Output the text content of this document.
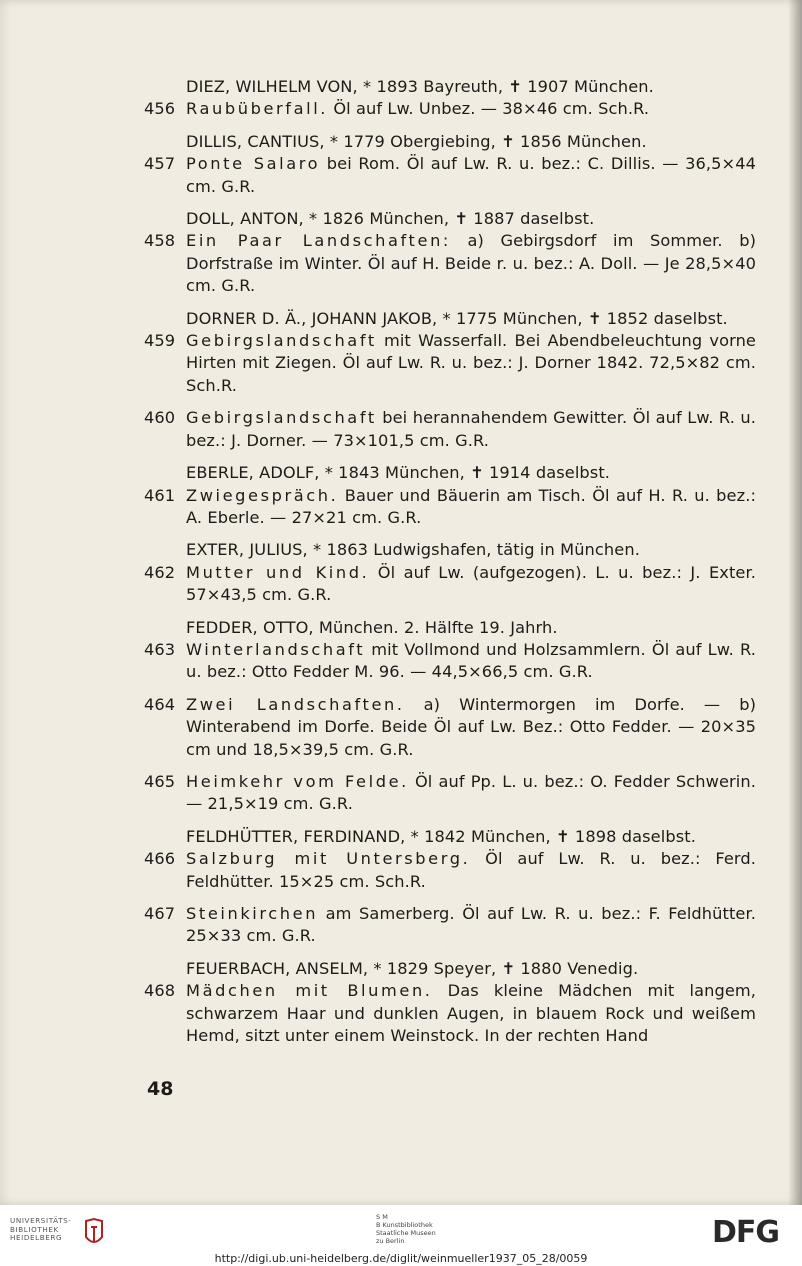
DIEZ, WILHELM VON, * 1893 Bayreuth, ✝ 1907 München.
456 Raubüberfall. Öl auf Lw. Unbez. — 38×46 cm. Sch.R.
DILLIS, CANTIUS, * 1779 Obergiebing, ✝ 1856 München.
457 Ponte Salaro bei Rom. Öl auf Lw. R. u. bez.: C. Dillis. — 36,5×44 cm. G.R.
DOLL, ANTON, * 1826 München, ✝ 1887 daselbst.
458 Ein Paar Landschaften: a) Gebirgsdorf im Sommer. b) Dorfstraße im Winter. Öl auf H. Beide r. u. bez.: A. Doll. — Je 28,5×40 cm. G.R.
DORNER D. Ä., JOHANN JAKOB, * 1775 München, ✝ 1852 daselbst.
459 Gebirgslandschaft mit Wasserfall. Bei Abendbeleuchtung vorne Hirten mit Ziegen. Öl auf Lw. R. u. bez.: J. Dorner 1842. 72,5×82 cm. Sch.R.
460 Gebirgslandschaft bei herannahendem Gewitter. Öl auf Lw. R. u. bez.: J. Dorner. — 73×101,5 cm. G.R.
EBERLE, ADOLF, * 1843 München, ✝ 1914 daselbst.
461 Zwiegespräch. Bauer und Bäuerin am Tisch. Öl auf H. R. u. bez.: A. Eberle. — 27×21 cm. G.R.
EXTER, JULIUS, * 1863 Ludwigshafen, tätig in München.
462 Mutter und Kind. Öl auf Lw. (aufgezogen). L. u. bez.: J. Exter. 57×43,5 cm. G.R.
FEDDER, OTTO, München. 2. Hälfte 19. Jahrh.
463 Winterlandschaft mit Vollmond und Holzsammlern. Öl auf Lw. R. u. bez.: Otto Fedder M. 96. — 44,5×66,5 cm. G.R.
464 Zwei Landschaften. a) Wintermorgen im Dorfe. — b) Winterabend im Dorfe. Beide Öl auf Lw. Bez.: Otto Fedder. — 20×35 cm und 18,5×39,5 cm. G.R.
465 Heimkehr vom Felde. Öl auf Pp. L. u. bez.: O. Fedder Schwerin. — 21,5×19 cm. G.R.
FELDHÜTTER, FERDINAND, * 1842 München, ✝ 1898 daselbst.
466 Salzburg mit Untersberg. Öl auf Lw. R. u. bez.: Ferd. Feldhütter. 15×25 cm. Sch.R.
467 Steinkirchen am Samerberg. Öl auf Lw. R. u. bez.: F. Feldhütter. 25×33 cm. G.R.
FEUERBACH, ANSELM, * 1829 Speyer, ✝ 1880 Venedig.
468 Mädchen mit Blumen. Das kleine Mädchen mit langem, schwarzem Haar und dunklen Augen, in blauem Rock und weißem Hemd, sitzt unter einem Weinstock. In der rechten Hand
48
UNIVERSITÄTS-
BIBLIOTHEK
HEIDELBERG
S M
B Kunstbibliothek
Staatliche Museen
zu Berlin	DFG
http://digi.ub.uni-heidelberg.de/diglit/weinmueller1937_05_28/0059
